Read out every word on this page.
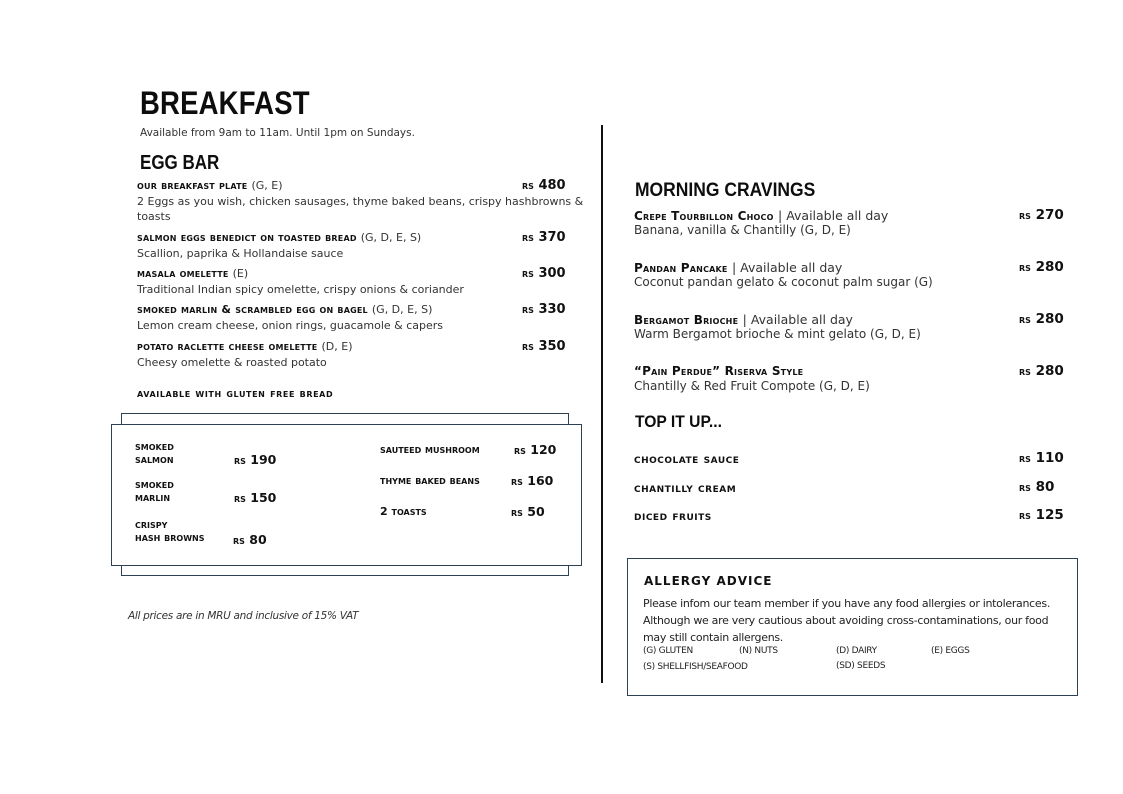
BREAKFAST
Available from 9am to 11am. Until 1pm on Sundays.
EGG BAR
our breakfast plate (G, E)	rs 480
2 Eggs as you wish, chicken sausages, thyme baked beans, crispy hashbrowns &
toasts
salmon eggs benedict on toasted bread (G, D, E, S)	rs 370
Scallion, paprika & Hollandaise sauce
masala omelette (E)	rs 300
Traditional Indian spicy omelette, crispy onions & coriander
smoked marlin & scrambled egg on bagel (G, D, E, S)	rs 330
Lemon cream cheese, onion rings, guacamole & capers
potato raclette cheese omelette (D, E)	rs 350
Cheesy omelette & roasted potato
available with gluten free bread
smoked
salmon	rs 190
smoked
marlin	rs 150
crispy
hash browns	rs 80
sauteed mushroom	rs 120
thyme baked beans	rs 160
2 toasts	rs 50
All prices are in MRU and inclusive of 15% VAT
MORNING CRAVINGS
Crepe Tourbillon Choco | Available all day	rs 270
Banana, vanilla & Chantilly (G, D, E)
Pandan Pancake | Available all day	rs 280
Coconut pandan gelato & coconut palm sugar (G)
Bergamot Brioche | Available all day	rs 280
Warm Bergamot brioche & mint gelato (G, D, E)
“Pain Perdue” Riserva Style	rs 280
Chantilly & Red Fruit Compote (G, D, E)
TOP IT UP...
chocolate sauce	rs 110
chantilly cream	rs 80
diced fruits	rs 125
ALLERGY ADVICE
Please infom our team member if you have any food allergies or intolerances.
Although we are very cautious about avoiding cross-contaminations, our food
may still contain allergens.
(G) GLUTEN	(N) NUTS	(D) DAIRY	(E) EGGS
(S) SHELLFISH/SEAFOOD	(SD) SEEDS
